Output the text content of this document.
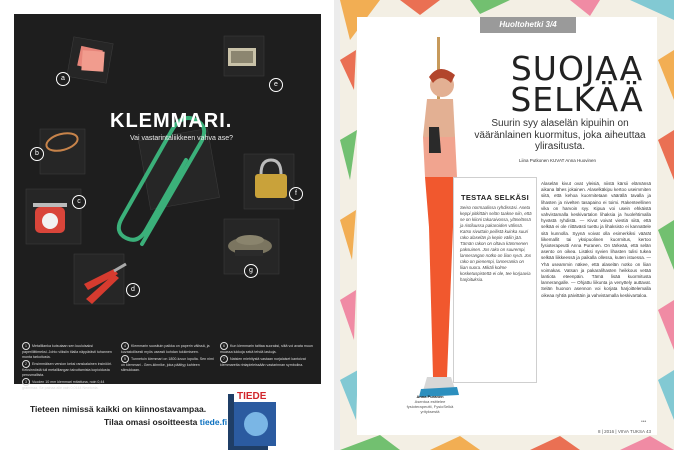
a
b
c
d
e
f
g
KLEMMARI.
Vai vastarintaliikkeen vahva ase?
1 Metallilanka kutsutaan sen kuuluisaksi paperiliittimeksi. Johto viiksiin tilalla näppärästi tuhannen monta tarkoitusta.
2 Ensimmäisen version keksi ranskalainen insinööri. Keksinnöstä tuli metallilangan taivuttamista kopioidusta perusmallista.
3 Vuoden 10 mm klemmari mitattuna, noin 0,44 grammaa. Se painaa alle vain 0,0144 Newtonia.
4 Klemmarin suosituin paikka on paperin välissä, ja kuvastollisesti myös useasti kohdan tukkimiseen.
5 Tunnetuin klemmari on 1800-luvun lopulta. Sen nimi on klemmari - Gem-kiinnike, joka päättyy kahteen silmukkaan.
6 Kun klemmarin taittaa suoraksi, siitä voi avata muun muassa lukkoja sekä tehdä laskuja.
7 Natsien miehitystä vastaan norjalaiset kantoivat klemmareita rintapieleissään vastarinnan symbolina.
Tieteen nimissä kaikki on kiinnostavampaa.
Tilaa omasi osoitteesta tiede.fi
TIEDE
Huoltohetki 3/4
SUOJAA
SELKÄÄ
Suurin syy alaselän kipuihin on vääränlainen kuormitus, joka aiheuttaa ylirasitusta.
Liina Putkonen KUVAT Anna Huovinen
TESTAA SELKÄSI
Seiso normaalissa ryhdissäsi. Aseta keppi pitkittäin selän taakse niin, että se on kiinni takaraivossa, yläselässä ja ristiluussa pakaroiden välissä. Katso sivuttain peilistä kuinka suuri rako alaselän ja kepin väliin jää. Tämän rakon on oltava kämmenen paksuinen. Jos rako on suurempi, lannerangan notko on liian syvä. Jos rako on pienempi, lanneranka on liian suora. Mikäli kolme kosketuspistettä ei ole, tee korjaavia harjoituksia.
Alaselän kivut ovat yleisiä, niistä kärsii elämänsä aikana lähes jokainen. Alaselkäkipu kertoo useimmiten siitä, että kehoa kuormitetaan väärällä tavalla ja lihasten ja nivelten tasapaino ei toimi. Rakenteellinen vika on harvoin syy. Kipua voi usein ehkäistä vahvistamalla keskivartalon lihaksia ja huolehtimalla hyvästä ryhdistä. — Kivut voivat viestiä siitä, että selkää ei ole riittävästi tuettu ja lihaksisto ei kannattele sitä kunnolla. Syynä voivat olla esimerkiksi väärät liikemallit tai yksipuolinen kuormitus, kertoo fysioterapeutti Anna Puranen. On tärkeää, että selän asento on oikea. Lisäksi syvien lihasten tulisi tukea selkää liikkeessä ja paikalla ollessa, kuten istuessa. — Yhä useammin näkee, että alaselän notko on liian voimakas. Vatsan ja pakaralihasten heikkous vetää lantiota eteenpäin. Tämä lisää kuormitusta lannerangalle. — Ohjattu liikunta ja venyttely auttavat. Selän huonon asennon voi korjata harjoittelemalla oikeaa ryhtiä päivittäin ja vahvistamalla keskivartaloa.
Anna Puranen
Asentoa esittelee fysioterapeutti, FysioSelkä yrityksestä
•••
8 | 2016 | VIIVA TUKSA 43
